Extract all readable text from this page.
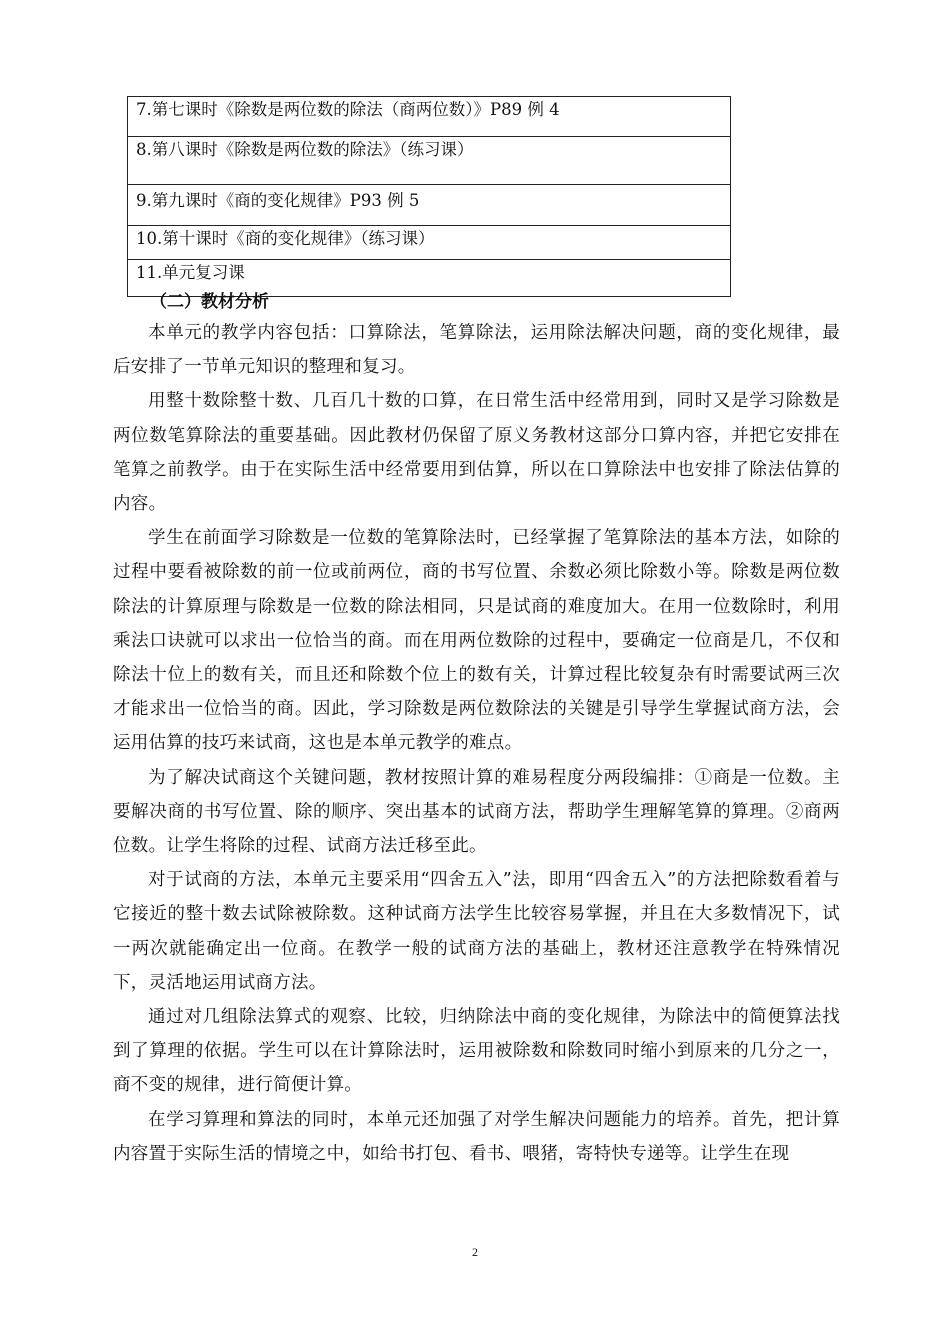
7.第七课时《除数是两位数的除法（商两位数）》P89 例 4
8.第八课时《除数是两位数的除法》（练习课）
9.第九课时《商的变化规律》P93 例 5
10.第十课时《商的变化规律》（练习课）
11.单元复习课
（二）教材分析

本单元的教学内容包括：口算除法，笔算除法，运用除法解决问题，商的变化规律，最后安排了一节单元知识的整理和复习。

用整十数除整十数、几百几十数的口算，在日常生活中经常用到，同时又是学习除数是两位数笔算除法的重要基础。因此教材仍保留了原义务教材这部分口算内容，并把它安排在笔算之前教学。由于在实际生活中经常要用到估算，所以在口算除法中也安排了除法估算的内容。

学生在前面学习除数是一位数的笔算除法时，已经掌握了笔算除法的基本方法，如除的过程中要看被除数的前一位或前两位，商的书写位置、余数必须比除数小等。除数是两位数除法的计算原理与除数是一位数的除法相同，只是试商的难度加大。在用一位数除时，利用乘法口诀就可以求出一位恰当的商。而在用两位数除的过程中，要确定一位商是几，不仅和除法十位上的数有关，而且还和除数个位上的数有关，计算过程比较复杂有时需要试两三次才能求出一位恰当的商。因此，学习除数是两位数除法的关键是引导学生掌握试商方法，会运用估算的技巧来试商，这也是本单元教学的难点。

为了解决试商这个关键问题，教材按照计算的难易程度分两段编排：①商是一位数。主要解决商的书写位置、除的顺序、突出基本的试商方法，帮助学生理解笔算的算理。②商两位数。让学生将除的过程、试商方法迁移至此。

对于试商的方法，本单元主要采用“四舍五入”法，即用“四舍五入”的方法把除数看着与它接近的整十数去试除被除数。这种试商方法学生比较容易掌握，并且在大多数情况下，试一两次就能确定出一位商。在教学一般的试商方法的基础上，教材还注意教学在特殊情况下，灵活地运用试商方法。

通过对几组除法算式的观察、比较，归纳除法中商的变化规律，为除法中的简便算法找到了算理的依据。学生可以在计算除法时，运用被除数和除数同时缩小到原来的几分之一，商不变的规律，进行简便计算。

在学习算理和算法的同时，本单元还加强了对学生解决问题能力的培养。首先，把计算内容置于实际生活的情境之中，如给书打包、看书、喂猪，寄特快专递等。让学生在现

2
